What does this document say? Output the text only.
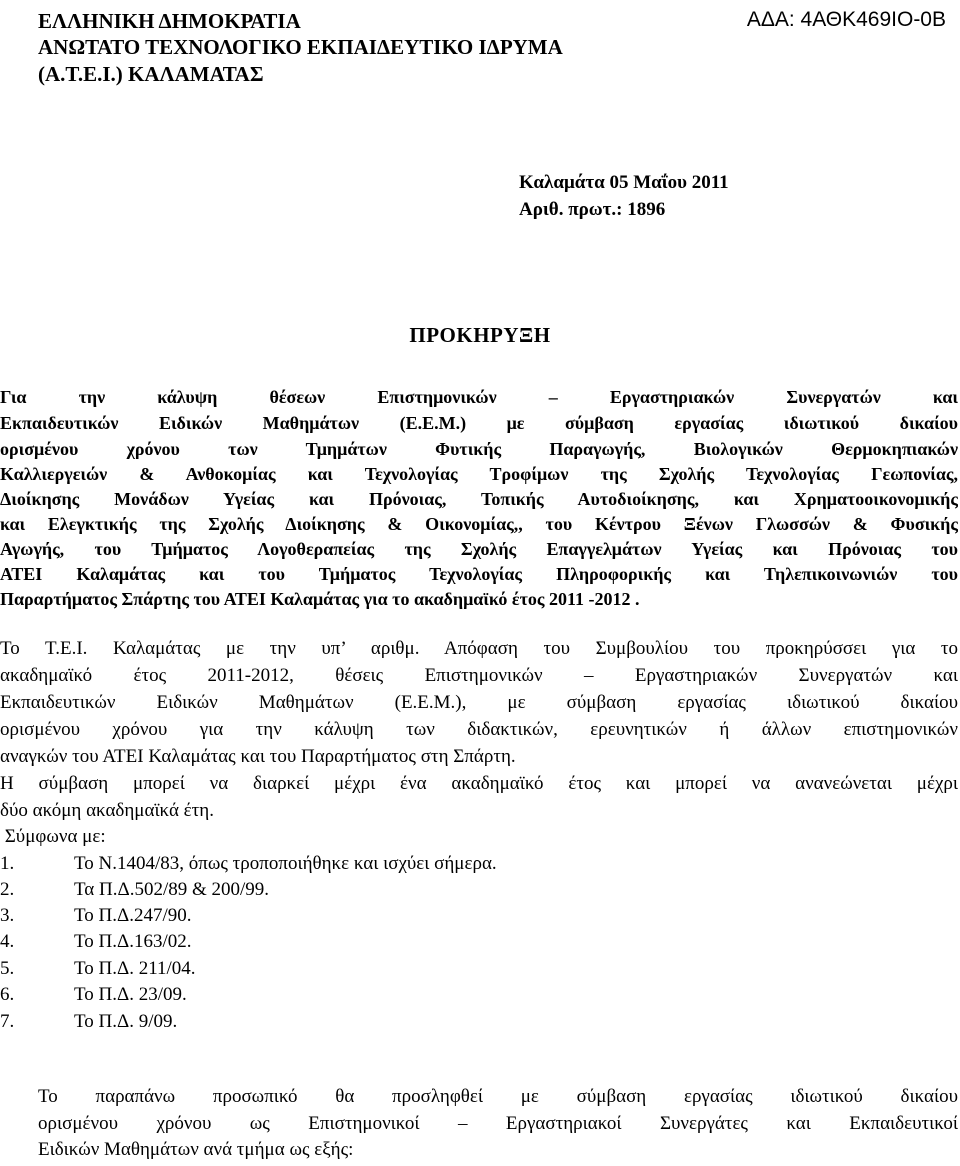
ΕΛΛΗΝΙΚΗ ΔΗΜΟΚΡΑΤΙΑ
ΑΝΩΤΑΤΟ ΤΕΧΝΟΛΟΓΙΚΟ ΕΚΠΑΙΔΕΥΤΙΚΟ ΙΔΡΥΜΑ
(Α.Τ.Ε.Ι.) ΚΑΛΑΜΑΤΑΣ
ΑΔΑ: 4ΑΘΚ469ΙΟ-0Β
Καλαμάτα 05 Μαΐου 2011
Αριθ. πρωτ.: 1896
ΠΡΟΚΗΡΥΞΗ
Για την κάλυψη θέσεων Επιστημονικών – Εργαστηριακών Συνεργατών και
Εκπαιδευτικών Ειδικών Μαθημάτων (Ε.Ε.Μ.) με σύμβαση εργασίας ιδιωτικού δικαίου
ορισμένου χρόνου των Τμημάτων Φυτικής Παραγωγής, Βιολογικών Θερμοκηπιακών
Καλλιεργειών & Ανθοκομίας και Τεχνολογίας Τροφίμων της Σχολής Τεχνολογίας Γεωπονίας,
Διοίκησης Μονάδων Υγείας και Πρόνοιας, Τοπικής Αυτοδιοίκησης, και Χρηματοοικονομικής
και Ελεγκτικής της Σχολής Διοίκησης & Οικονομίας,, του Κέντρου Ξένων Γλωσσών & Φυσικής
Αγωγής, του Τμήματος Λογοθεραπείας της Σχολής Επαγγελμάτων Υγείας και Πρόνοιας του
ΑΤΕΙ Καλαμάτας και του Τμήματος Τεχνολογίας Πληροφορικής και Τηλεπικοινωνιών του
Παραρτήματος Σπάρτης του ΑΤΕΙ Καλαμάτας για το ακαδημαϊκό έτος 2011 -2012 .
Το Τ.Ε.Ι. Καλαμάτας με την υπ’ αριθμ. Απόφαση του Συμβουλίου του προκηρύσσει για το
ακαδημαϊκό έτος 2011-2012, θέσεις Επιστημονικών – Εργαστηριακών Συνεργατών και
Εκπαιδευτικών Ειδικών Μαθημάτων (Ε.Ε.Μ.), με σύμβαση εργασίας ιδιωτικού δικαίου
ορισμένου χρόνου για την κάλυψη των διδακτικών, ερευνητικών ή άλλων επιστημονικών
αναγκών του ΑΤΕΙ Καλαμάτας και του Παραρτήματος στη Σπάρτη.
Η σύμβαση μπορεί να διαρκεί μέχρι ένα ακαδημαϊκό έτος και μπορεί να ανανεώνεται μέχρι
δύο ακόμη ακαδημαϊκά έτη.
Σύμφωνα με:
1.	Το Ν.1404/83, όπως τροποποιήθηκε και ισχύει σήμερα.
2.	Τα Π.Δ.502/89 & 200/99.
3.	Το Π.Δ.247/90.
4.	Το Π.Δ.163/02.
5.	Το Π.Δ. 211/04.
6.	Το Π.Δ. 23/09.
7.	Το Π.Δ. 9/09.
Το παραπάνω προσωπικό θα προσληφθεί με σύμβαση εργασίας ιδιωτικού δικαίου
ορισμένου χρόνου ως Επιστημονικοί – Εργαστηριακοί Συνεργάτες και Εκπαιδευτικοί
Ειδικών Μαθημάτων ανά τμήμα ως εξής:
